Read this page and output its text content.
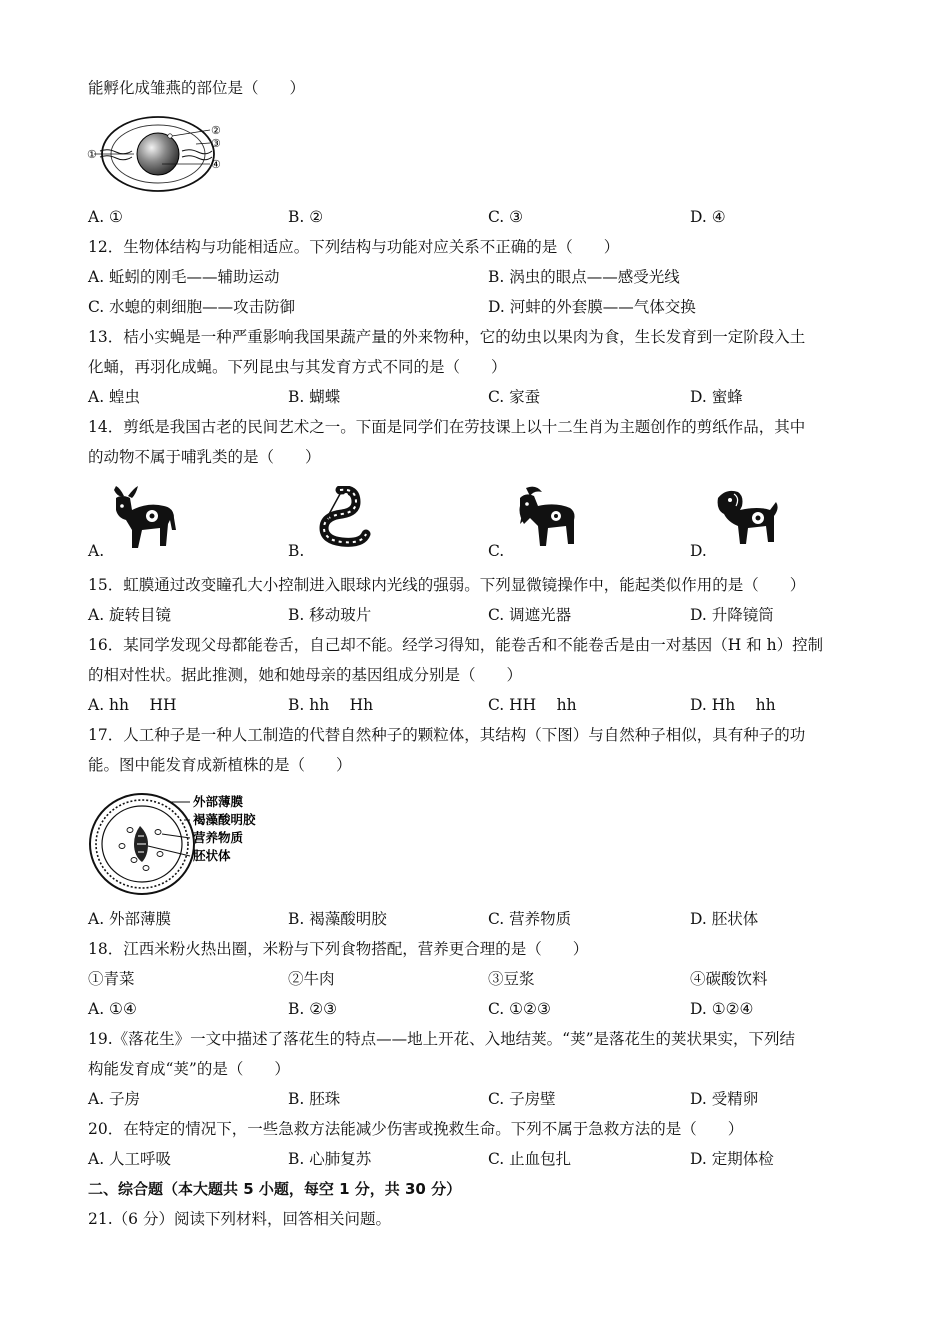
能孵化成雏燕的部位是（　　）
①
②
③
④
A. ①	B. ②	C. ③	D. ④
12．生物体结构与功能相适应。下列结构与功能对应关系不正确的是（　　）
A. 蚯蚓的刚毛——辅助运动	B. 涡虫的眼点——感受光线
C. 水螅的刺细胞——攻击防御	D. 河蚌的外套膜——气体交换
13．桔小实蝇是一种严重影响我国果蔬产量的外来物种，它的幼虫以果肉为食，生长发育到一定阶段入土
化蛹，再羽化成蝇。下列昆虫与其发育方式不同的是（　　）
A. 蝗虫	B. 蝴蝶	C. 家蚕	D. 蜜蜂
14．剪纸是我国古老的民间艺术之一。下面是同学们在劳技课上以十二生肖为主题创作的剪纸作品，其中
的动物不属于哺乳类的是（　　）
A.	B.	C.	D.
15．虹膜通过改变瞳孔大小控制进入眼球内光线的强弱。下列显微镜操作中，能起类似作用的是（　　）
A. 旋转目镜	B. 移动玻片	C. 调遮光器	D. 升降镜筒
16．某同学发现父母都能卷舌，自己却不能。经学习得知，能卷舌和不能卷舌是由一对基因（H 和 h）控制
的相对性状。据此推测，她和她母亲的基因组成分别是（　　）
A. hh　 HH	B. hh　 Hh	C. HH　 hh	D. Hh　 hh
17．人工种子是一种人工制造的代替自然种子的颗粒体，其结构（下图）与自然种子相似，具有种子的功
能。图中能发育成新植株的是（　　）
外部薄膜
褐藻酸明胶
营养物质
胚状体
A. 外部薄膜	B. 褐藻酸明胶	C. 营养物质	D. 胚状体
18．江西米粉火热出圈，米粉与下列食物搭配，营养更合理的是（　　）
①青菜	②牛肉	③豆浆	④碳酸饮料
A. ①④	B. ②③	C. ①②③	D. ①②④
19.《落花生》一文中描述了落花生的特点——地上开花、入地结荚。“荚”是落花生的荚状果实，下列结
构能发育成“荚”的是（　　）
A. 子房	B. 胚珠	C. 子房壁	D. 受精卵
20．在特定的情况下，一些急救方法能减少伤害或挽救生命。下列不属于急救方法的是（　　）
A. 人工呼吸	B. 心肺复苏	C. 止血包扎	D. 定期体检
二、综合题（本大题共 5 小题，每空 1 分，共 30 分）
21.（6 分）阅读下列材料，回答相关问题。
